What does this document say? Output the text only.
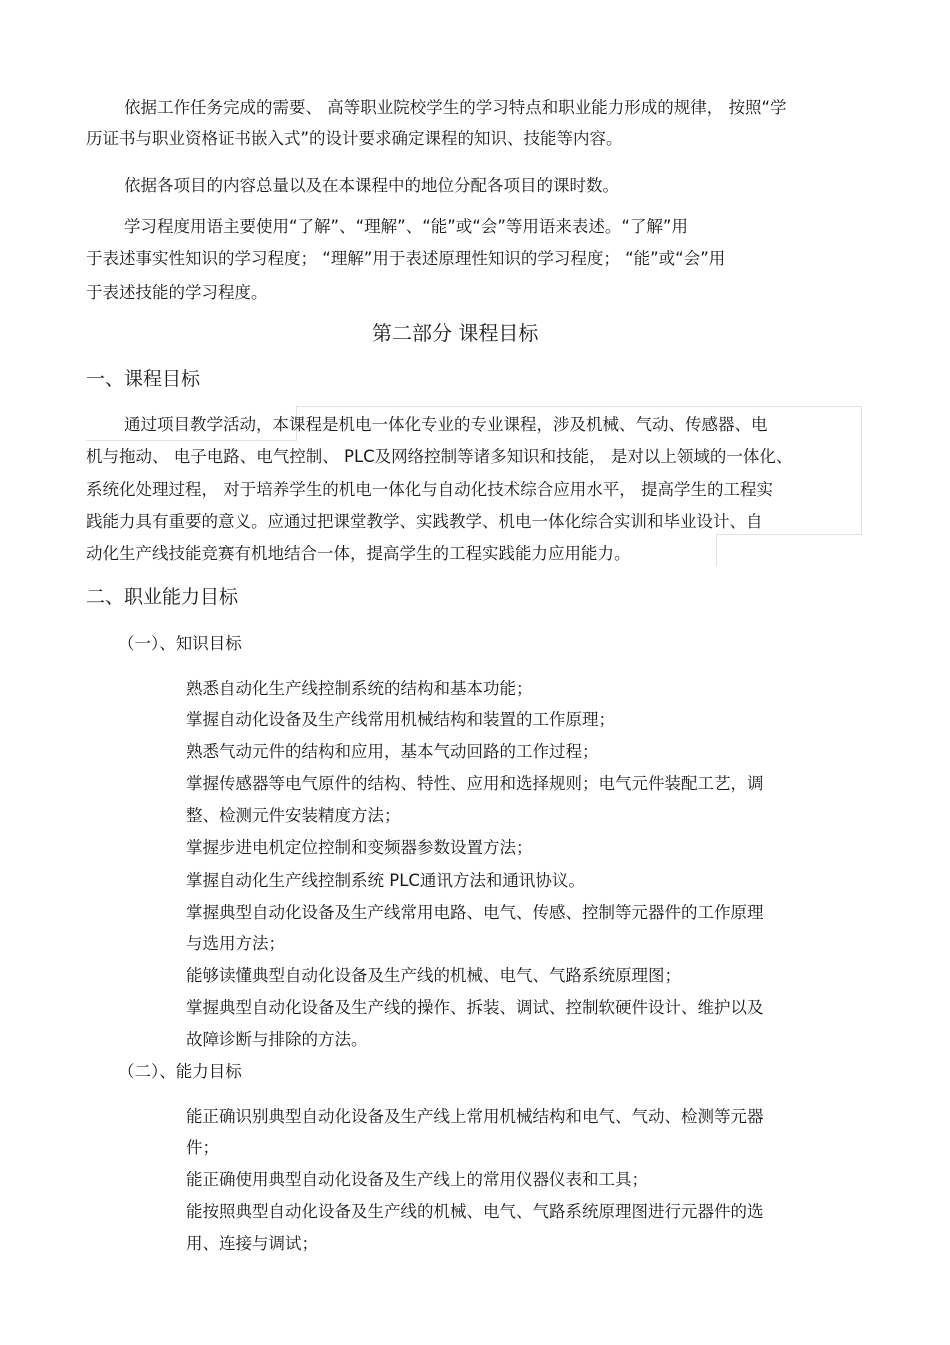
依据工作任务完成的需要、 高等职业院校学生的学习特点和职业能力形成的规律， 按照“学
历证书与职业资格证书嵌入式”的设计要求确定课程的知识、技能等内容。
依据各项目的内容总量以及在本课程中的地位分配各项目的课时数。
学习程度用语主要使用“了解”、“理解”、“能”或“会”等用语来表述。“了解”用
于表述事实性知识的学习程度； “理解”用于表述原理性知识的学习程度； “能”或“会”用
于表述技能的学习程度。
第二部分 课程目标
一、课程目标
通过项目教学活动，本课程是机电一体化专业的专业课程，涉及机械、气动、传感器、电
机与拖动、 电子电路、电气控制、 PLC及网络控制等诸多知识和技能， 是对以上领域的一体化、
系统化处理过程， 对于培养学生的机电一体化与自动化技术综合应用水平， 提高学生的工程实
践能力具有重要的意义。应通过把课堂教学、实践教学、机电一体化综合实训和毕业设计、自
动化生产线技能竞赛有机地结合一体，提高学生的工程实践能力应用能力。
二、职业能力目标
（一）、知识目标
熟悉自动化生产线控制系统的结构和基本功能；
掌握自动化设备及生产线常用机械结构和装置的工作原理；
熟悉气动元件的结构和应用，基本气动回路的工作过程；
掌握传感器等电气原件的结构、特性、应用和选择规则；电气元件装配工艺，调
整、检测元件安装精度方法；
掌握步进电机定位控制和变频器参数设置方法；
掌握自动化生产线控制系统 PLC通讯方法和通讯协议。
掌握典型自动化设备及生产线常用电路、电气、传感、控制等元器件的工作原理
与选用方法；
能够读懂典型自动化设备及生产线的机械、电气、气路系统原理图；
掌握典型自动化设备及生产线的操作、拆装、调试、控制软硬件设计、维护以及
故障诊断与排除的方法。
（二）、能力目标
能正确识别典型自动化设备及生产线上常用机械结构和电气、气动、检测等元器
件；
能正确使用典型自动化设备及生产线上的常用仪器仪表和工具；
能按照典型自动化设备及生产线的机械、电气、气路系统原理图进行元器件的选
用、连接与调试；
